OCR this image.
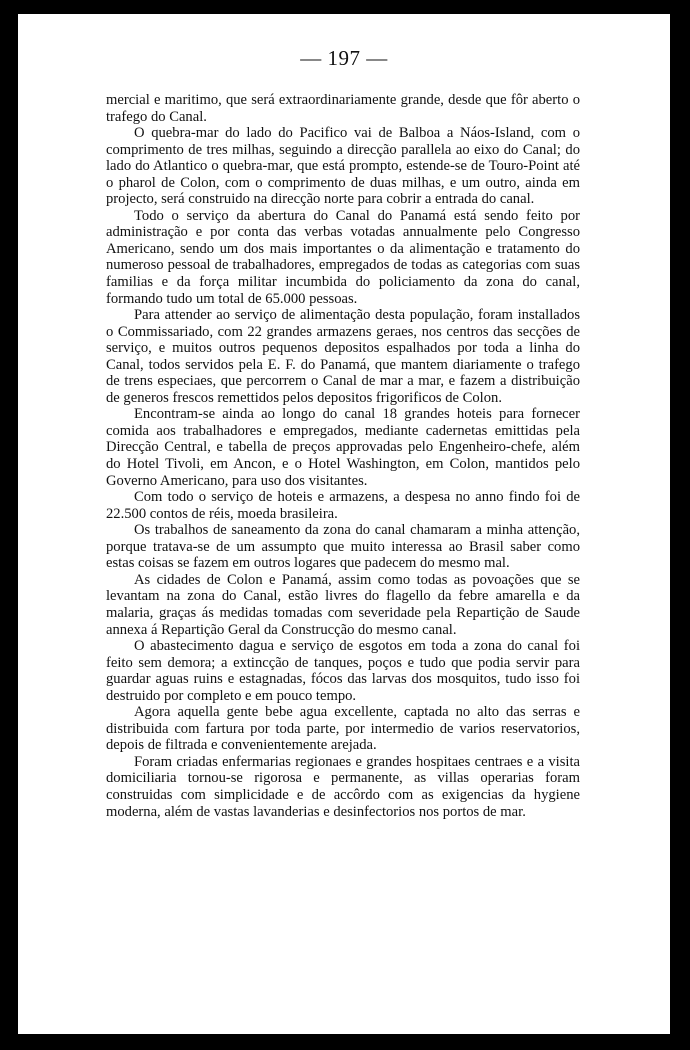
— 197 —

mercial e maritimo, que será extraordinariamente grande, desde que fôr aberto o trafego do Canal.

O quebra-mar do lado do Pacifico vai de Balboa a Náos-Island, com o comprimento de tres milhas, seguindo a direcção parallela ao eixo do Canal; do lado do Atlantico o quebra-mar, que está prompto, estende-se de Touro-Point até o pharol de Colon, com o comprimento de duas milhas, e um outro, ainda em projecto, será construido na direcção norte para cobrir a entrada do canal.

Todo o serviço da abertura do Canal do Panamá está sendo feito por administração e por conta das verbas votadas annualmente pelo Congresso Americano, sendo um dos mais importantes o da alimentação e tratamento do numeroso pessoal de trabalhadores, empregados de todas as categorias com suas familias e da força militar incumbida do policiamento da zona do canal, formando tudo um total de 65.000 pessoas.

Para attender ao serviço de alimentação desta população, foram installados o Commissariado, com 22 grandes armazens geraes, nos centros das secções de serviço, e muitos outros pequenos depositos espalhados por toda a linha do Canal, todos servidos pela E. F. do Panamá, que mantem diariamente o trafego de trens especiaes, que percorrem o Canal de mar a mar, e fazem a distribuição de generos frescos remettidos pelos depositos frigorificos de Colon.

Encontram-se ainda ao longo do canal 18 grandes hoteis para fornecer comida aos trabalhadores e empregados, mediante cadernetas emittidas pela Direcção Central, e tabella de preços approvadas pelo Engenheiro-chefe, além do Hotel Tivoli, em Ancon, e o Hotel Washington, em Colon, mantidos pelo Governo Americano, para uso dos visitantes.

Com todo o serviço de hoteis e armazens, a despesa no anno findo foi de 22.500 contos de réis, moeda brasileira.

Os trabalhos de saneamento da zona do canal chamaram a minha attenção, porque tratava-se de um assumpto que muito interessa ao Brasil saber como estas coisas se fazem em outros logares que padecem do mesmo mal.

As cidades de Colon e Panamá, assim como todas as povoações que se levantam na zona do Canal, estão livres do flagello da febre amarella e da malaria, graças ás medidas tomadas com severidade pela Repartição de Saude annexa á Repartição Geral da Construcção do mesmo canal.

O abastecimento dagua e serviço de esgotos em toda a zona do canal foi feito sem demora; a extincção de tanques, poços e tudo que podia servir para guardar aguas ruins e estagnadas, fócos das larvas dos mosquitos, tudo isso foi destruido por completo e em pouco tempo.

Agora aquella gente bebe agua excellente, captada no alto das serras e distribuida com fartura por toda parte, por intermedio de varios reservatorios, depois de filtrada e convenientemente arejada.

Foram criadas enfermarias regionaes e grandes hospitaes centraes e a visita domiciliaria tornou-se rigorosa e permanente, as villas operarias foram construidas com simplicidade e de accôrdo com as exigencias da hygiene moderna, além de vastas lavanderias e desinfectorios nos portos de mar.
